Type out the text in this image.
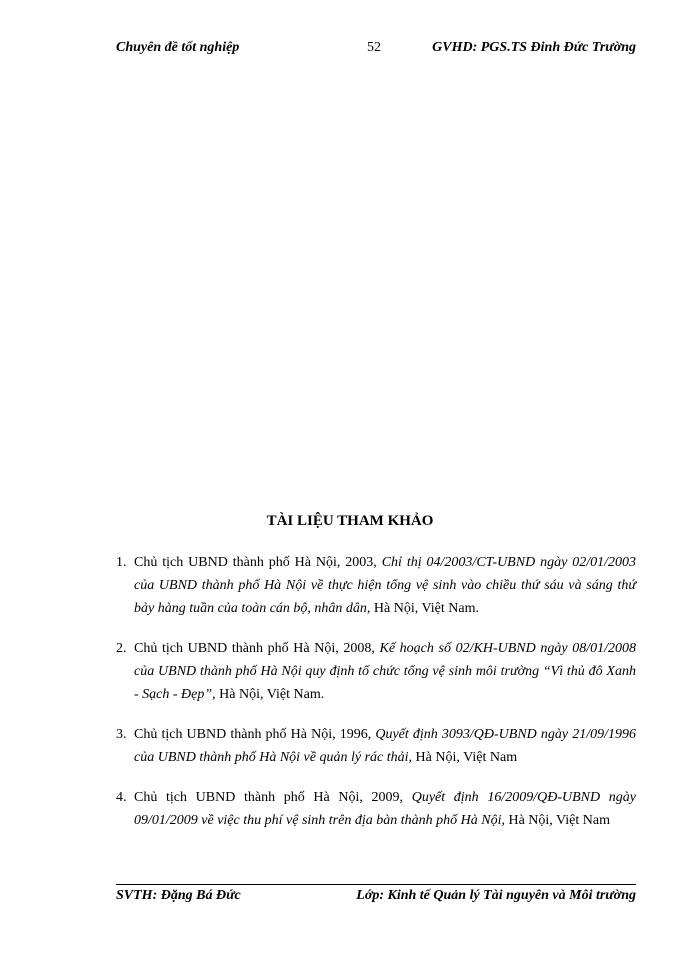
Chuyên đề tốt nghiệp	52	GVHD: PGS.TS Đinh Đức Trường
TÀI LIỆU THAM KHẢO
1. Chủ tịch UBND thành phố Hà Nội, 2003, Chỉ thị 04/2003/CT-UBND ngày 02/01/2003 của UBND thành phố Hà Nội về thực hiện tổng vệ sinh vào chiều thứ sáu và sáng thứ bảy hàng tuần của toàn cán bộ, nhân dân, Hà Nội, Việt Nam.
2. Chủ tịch UBND thành phố Hà Nội, 2008, Kế hoạch số 02/KH-UBND ngày 08/01/2008 của UBND thành phố Hà Nội quy định tổ chức tổng vệ sinh môi trường “Vì thủ đô Xanh - Sạch - Đẹp”, Hà Nội, Việt Nam.
3. Chủ tịch UBND thành phố Hà Nội, 1996, Quyết định 3093/QĐ-UBND ngày 21/09/1996 của UBND thành phố Hà Nội về quản lý rác thải, Hà Nội, Việt Nam
4. Chủ tịch UBND thành phố Hà Nội, 2009, Quyết định 16/2009/QĐ-UBND ngày 09/01/2009 về việc thu phí vệ sinh trên địa bàn thành phố Hà Nội, Hà Nội, Việt Nam
SVTH: Đặng Bá Đức	Lớp: Kinh tế Quản lý Tài nguyên và Môi trường
